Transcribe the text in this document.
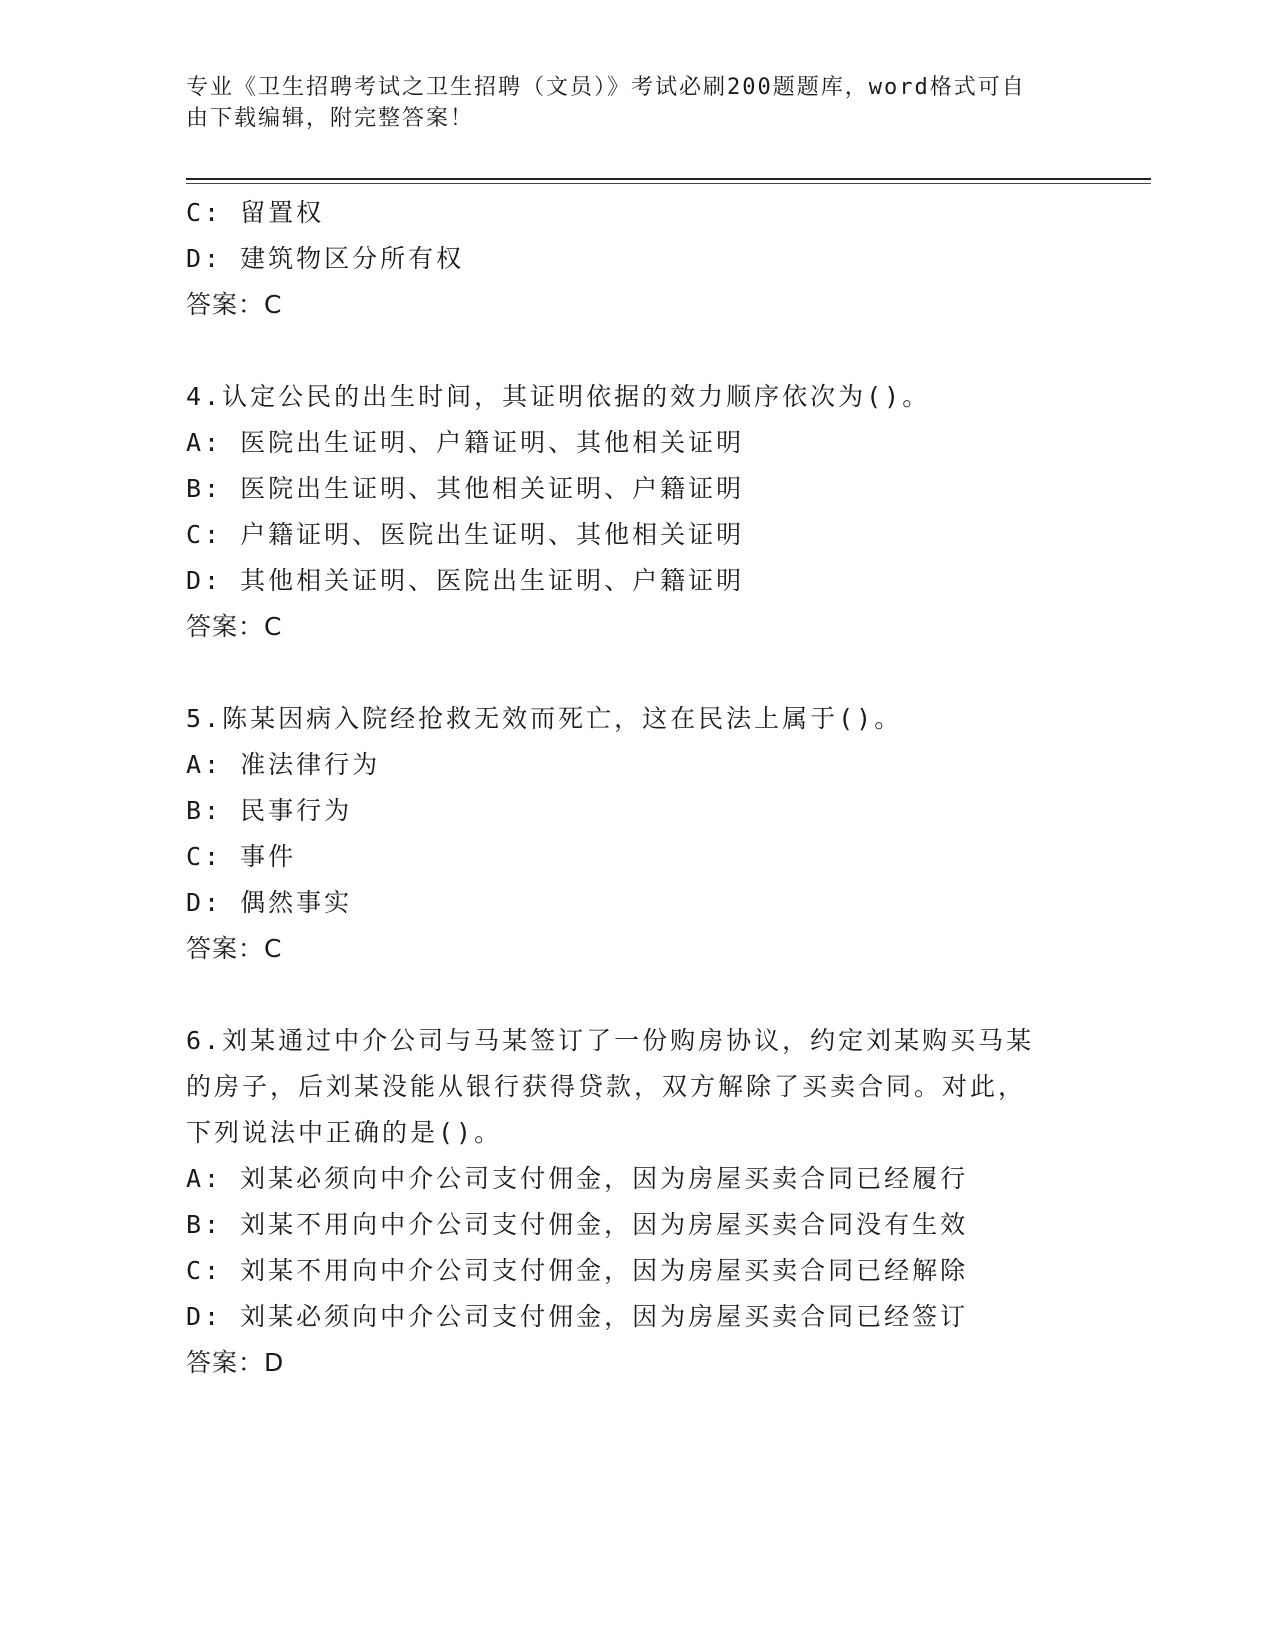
专业《卫生招聘考试之卫生招聘（文员）》考试必刷200题题库，word格式可自
由下载编辑，附完整答案！
C: 留置权
D: 建筑物区分所有权
答案：C
4.认定公民的出生时间，其证明依据的效力顺序依次为()。
A: 医院出生证明、户籍证明、其他相关证明
B: 医院出生证明、其他相关证明、户籍证明
C: 户籍证明、医院出生证明、其他相关证明
D: 其他相关证明、医院出生证明、户籍证明
答案：C
5.陈某因病入院经抢救无效而死亡，这在民法上属于()。
A: 准法律行为
B: 民事行为
C: 事件
D: 偶然事实
答案：C
6.刘某通过中介公司与马某签订了一份购房协议，约定刘某购买马某
的房子，后刘某没能从银行获得贷款，双方解除了买卖合同。对此，
下列说法中正确的是()。
A: 刘某必须向中介公司支付佣金，因为房屋买卖合同已经履行
B: 刘某不用向中介公司支付佣金，因为房屋买卖合同没有生效
C: 刘某不用向中介公司支付佣金，因为房屋买卖合同已经解除
D: 刘某必须向中介公司支付佣金，因为房屋买卖合同已经签订
答案：D
